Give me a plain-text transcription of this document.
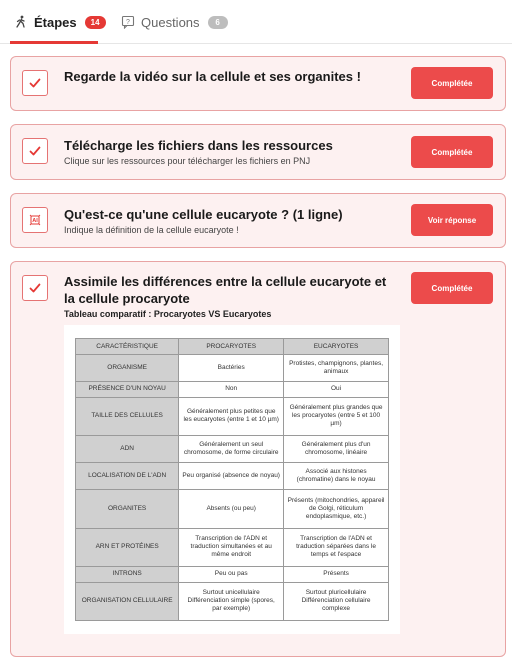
Étapes	14	? Questions	6
Regarde la vidéo sur la cellule et ses organites !	Complétée
Télécharge les fichiers dans les ressources
Clique sur les ressources pour télécharger les fichiers en PNJ
Complétée
AI Qu'est-ce qu'une cellule eucaryote ? (1 ligne)
Indique la définition de la cellule eucaryote !
Voir réponse
Assimile les différences entre la cellule eucaryote et la cellule procaryote
Tableau comparatif : Procaryotes VS Eucaryotes
Complétée
CARACTÉRISTIQUE	PROCARYOTES	EUCARYOTES
ORGANISME	Bactéries	Protistes, champignons, plantes, animaux
PRÉSENCE D'UN NOYAU	Non	Oui
TAILLE DES CELLULES	Généralement plus petites que les eucaryotes (entre 1 et 10 µm)	Généralement plus grandes que les procaryotes (entre 5 et 100 µm)
ADN	Généralement un seul chromosome, de forme circulaire	Généralement plus d'un chromosome, linéaire
LOCALISATION DE L'ADN	Peu organisé (absence de noyau)	Associé aux histones (chromatine) dans le noyau
ORGANITES	Absents (ou peu)	Présents (mitochondries, appareil de Golgi, réticulum endoplasmique, etc.)
ARN ET PROTÉINES	Transcription de l'ADN et traduction simultanées et au même endroit	Transcription de l'ADN et traduction séparées dans le temps et l'espace
INTRONS	Peu ou pas	Présents
ORGANISATION CELLULAIRE	Surtout unicellulaire Différenciation simple (spores, par exemple)	Surtout pluricellulaire Différenciation cellulaire complexe
